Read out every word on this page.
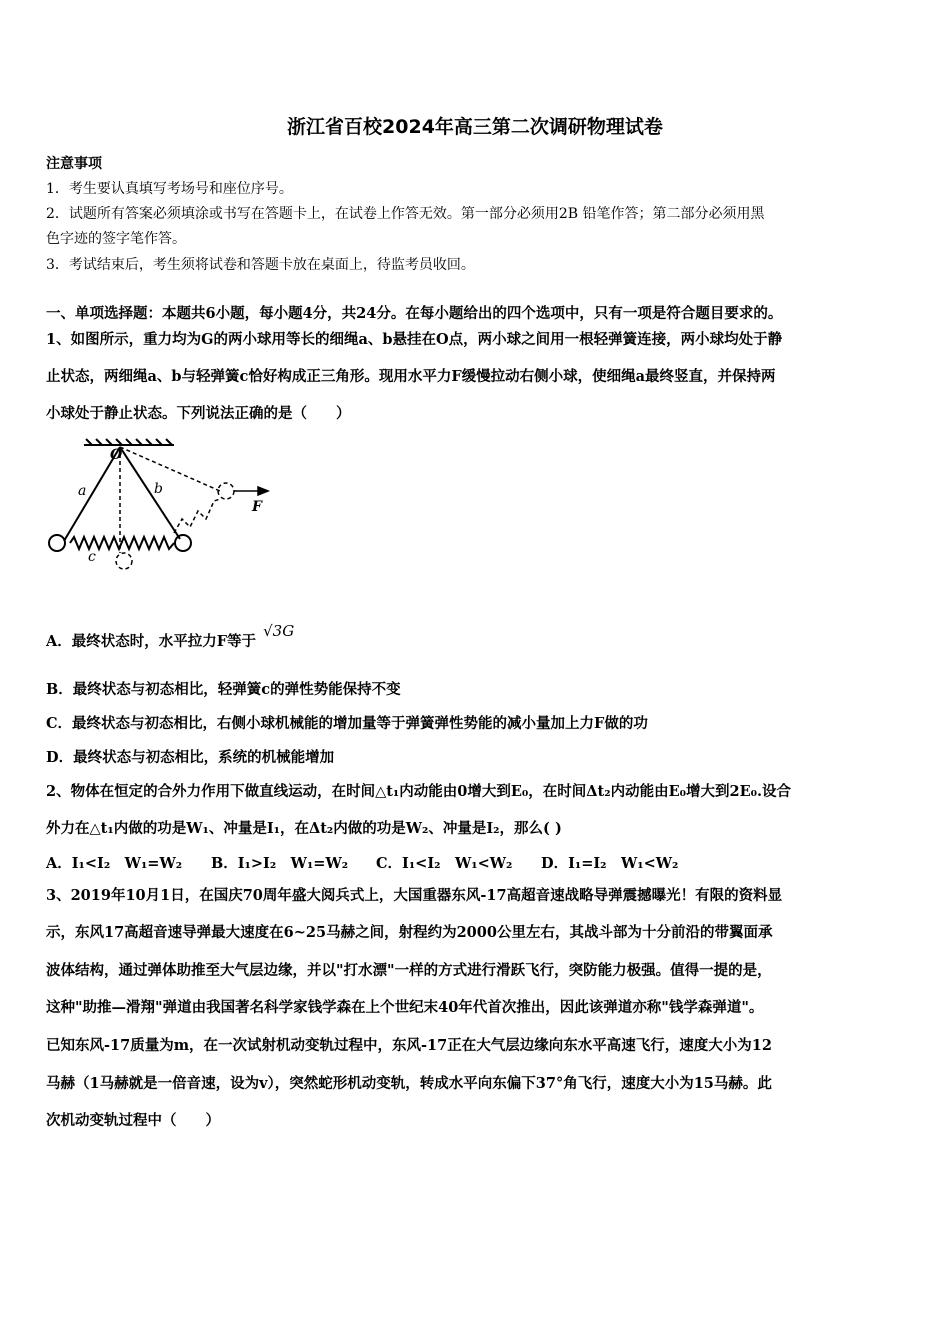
浙江省百校2024年高三第二次调研物理试卷
注意事项
1．考生要认真填写考场号和座位序号。
2．试题所有答案必须填涂或书写在答题卡上，在试卷上作答无效。第一部分必须用2B 铅笔作答；第二部分必须用黑
色字迹的签字笔作答。
3．考试结束后，考生须将试卷和答题卡放在桌面上，待监考员收回。
一、单项选择题：本题共6小题，每小题4分，共24分。在每小题给出的四个选项中，只有一项是符合题目要求的。
1、如图所示，重力均为G的两小球用等长的细绳a、b悬挂在O点，两小球之间用一根轻弹簧连接，两小球均处于静
止状态，两细绳a、b与轻弹簧c恰好构成正三角形。现用水平力F缓慢拉动右侧小球，使细绳a最终竖直，并保持两
小球处于静止状态。下列说法正确的是（　　）
O
a	b
c
F
A．最终状态时，水平拉力F等于 √3G
B．最终状态与初态相比，轻弹簧c的弹性势能保持不变
C．最终状态与初态相比，右侧小球机械能的增加量等于弹簧弹性势能的减小量加上力F做的功
D．最终状态与初态相比，系统的机械能增加
2、物体在恒定的合外力作用下做直线运动，在时间△t₁内动能由0增大到E₀，在时间Δt₂内动能由E₀增大到2E₀.设合
外力在△t₁内做的功是W₁、冲量是I₁，在Δt₂内做的功是W₂、冲量是I₂，那么( )
A．I₁<I₂　W₁=W₂ B．I₁>I₂　W₁=W₂ C．I₁<I₂　W₁<W₂ D．I₁=I₂　W₁<W₂
3、2019年10月1日，在国庆70周年盛大阅兵式上，大国重器东风-17高超音速战略导弹震撼曝光！有限的资料显
示，东风17高超音速导弹最大速度在6~25马赫之间，射程约为2000公里左右，其战斗部为十分前沿的带翼面承
波体结构，通过弹体助推至大气层边缘，并以"打水漂"一样的方式进行滑跃飞行，突防能力极强。值得一提的是，
这种"助推—滑翔"弹道由我国著名科学家钱学森在上个世纪末40年代首次推出，因此该弹道亦称"钱学森弹道"。
已知东风-17质量为m，在一次试射机动变轨过程中，东风-17正在大气层边缘向东水平高速飞行，速度大小为12
马赫（1马赫就是一倍音速，设为v），突然蛇形机动变轨，转成水平向东偏下37°角飞行，速度大小为15马赫。此
次机动变轨过程中（　　）
